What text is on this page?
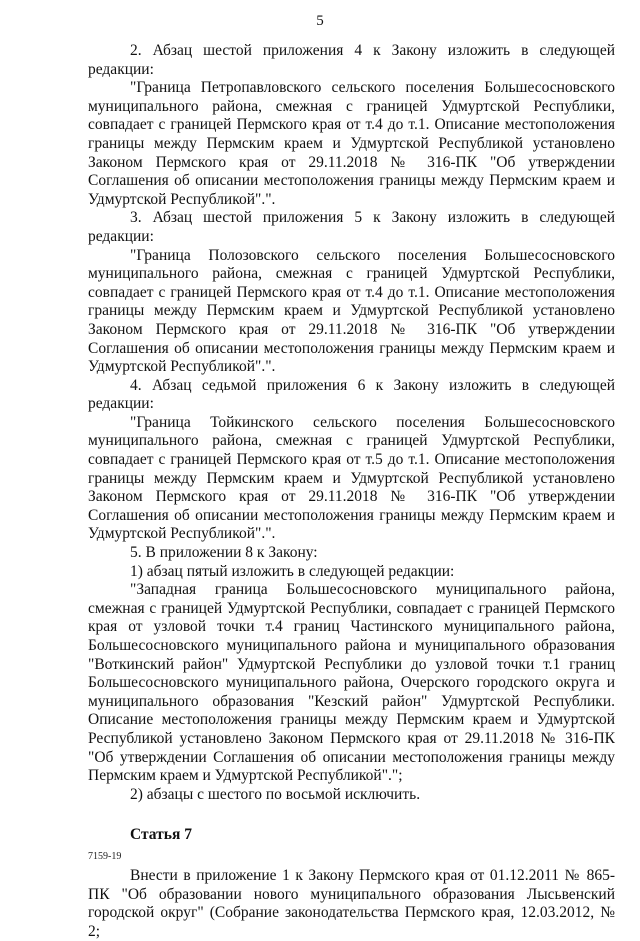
5

2. Абзац шестой приложения 4 к Закону изложить в следующей редакции:

"Граница Петропавловского сельского поселения Большесосновского муниципального района, смежная с границей Удмуртской Республики, совпадает с границей Пермского края от т.4 до т.1. Описание местоположения границы между Пермским краем и Удмуртской Республикой установлено Законом Пермского края от 29.11.2018 № 316-ПК "Об утверждении Соглашения об описании местоположения границы между Пермским краем и Удмуртской Республикой".".

3. Абзац шестой приложения 5 к Закону изложить в следующей редакции:

"Граница Полозовского сельского поселения Большесосновского муниципального района, смежная с границей Удмуртской Республики, совпадает с границей Пермского края от т.4 до т.1. Описание местоположения границы между Пермским краем и Удмуртской Республикой установлено Законом Пермского края от 29.11.2018 № 316-ПК "Об утверждении Соглашения об описании местоположения границы между Пермским краем и Удмуртской Республикой".".

4. Абзац седьмой приложения 6 к Закону изложить в следующей редакции:

"Граница Тойкинского сельского поселения Большесосновского муниципального района, смежная с границей Удмуртской Республики, совпадает с границей Пермского края от т.5 до т.1. Описание местоположения границы между Пермским краем и Удмуртской Республикой установлено Законом Пермского края от 29.11.2018 № 316-ПК "Об утверждении Соглашения об описании местоположения границы между Пермским краем и Удмуртской Республикой".".

5. В приложении 8 к Закону:

1) абзац пятый изложить в следующей редакции:

"Западная граница Большесосновского муниципального района, смежная с границей Удмуртской Республики, совпадает с границей Пермского края от узловой точки т.4 границ Частинского муниципального района, Большесосновского муниципального района и муниципального образования "Воткинский район" Удмуртской Республики до узловой точки т.1 границ Большесосновского муниципального района, Очерского городского округа и муниципального образования "Кезский район" Удмуртской Республики. Описание местоположения границы между Пермским краем и Удмуртской Республикой установлено Законом Пермского края от 29.11.2018 № 316-ПК "Об утверждении Соглашения об описании местоположения границы между Пермским краем и Удмуртской Республикой".";

2) абзацы с шестого по восьмой исключить.

Статья 7

Внести в приложение 1 к Закону Пермского края от 01.12.2011 № 865-ПК "Об образовании нового муниципального образования Лысьвенский городской округ" (Собрание законодательства Пермского края, 12.03.2012, № 2;

7159-19
